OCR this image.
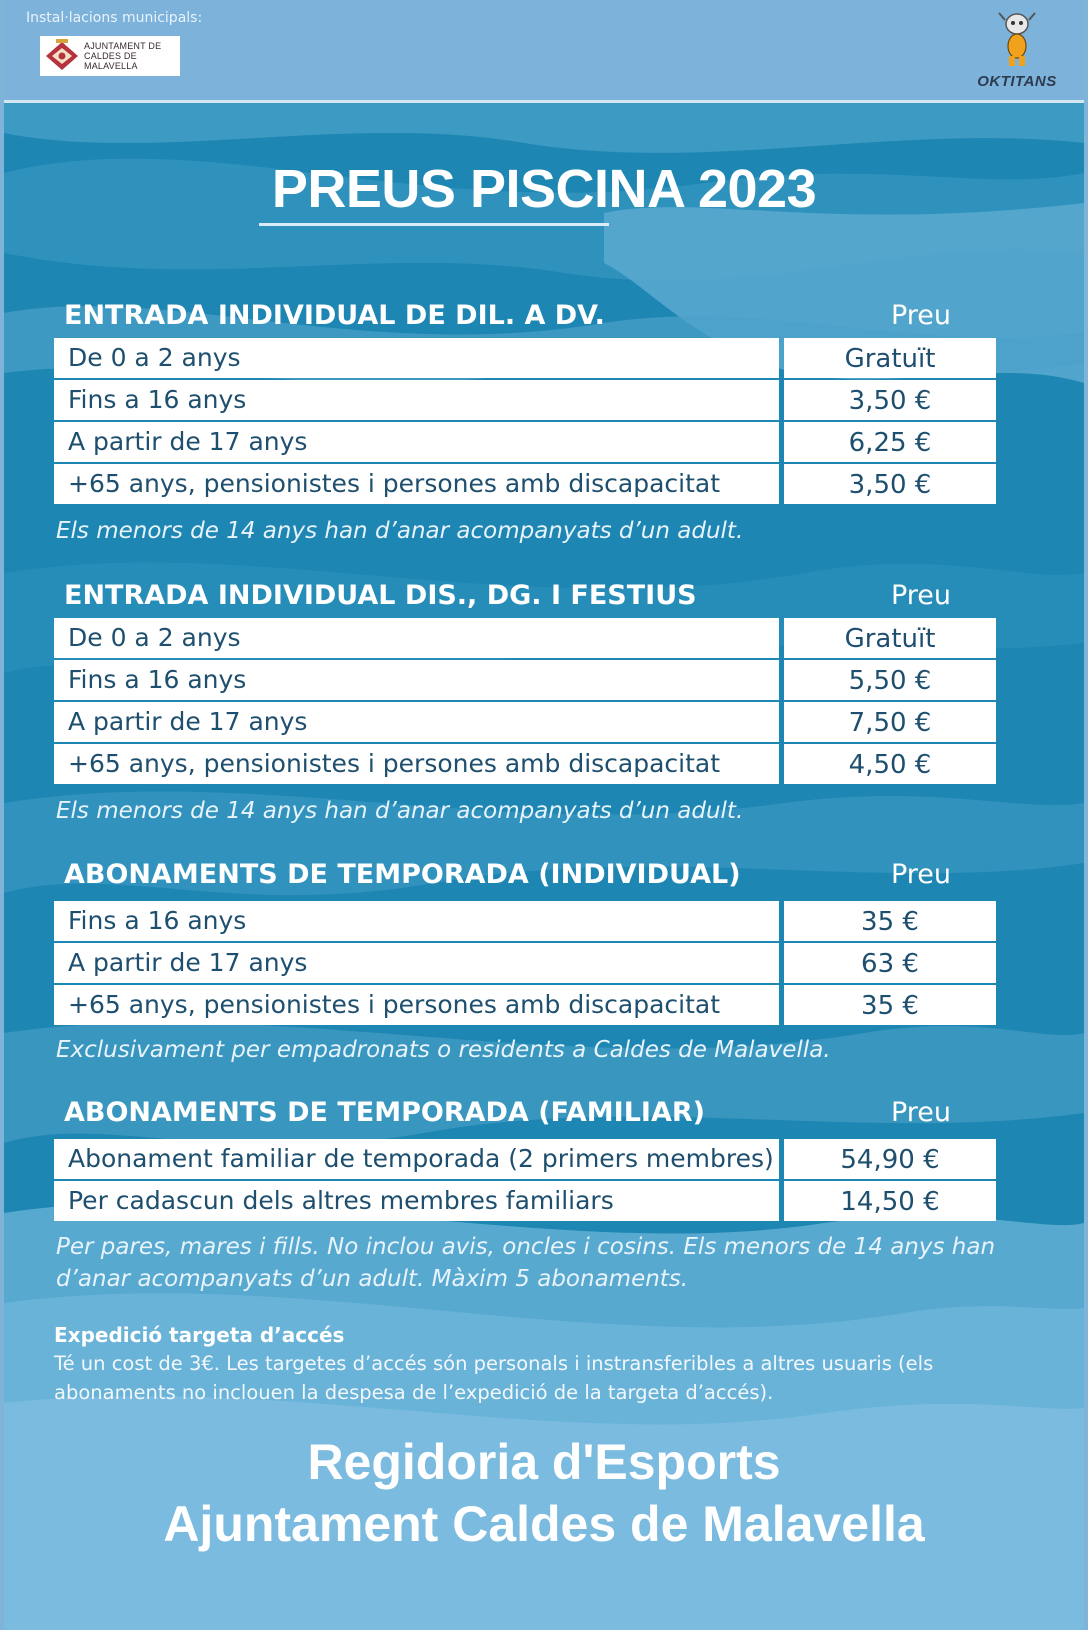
Instal·lacions municipals:
AJUNTAMENT DE
CALDES DE MALAVELLA
OKTITANS
PREUS PISCINA 2023
ENTRADA INDIVIDUAL DE DIL. A DV.	Preu
De 0 a 2 anys	Gratuït
Fins a 16 anys	3,50 €
A partir de 17 anys	6,25 €
+65 anys, pensionistes i persones amb discapacitat	3,50 €
Els menors de 14 anys han d’anar acompanyats d’un adult.
ENTRADA INDIVIDUAL DIS., DG. I FESTIUS	Preu
De 0 a 2 anys	Gratuït
Fins a 16 anys	5,50 €
A partir de 17 anys	7,50 €
+65 anys, pensionistes i persones amb discapacitat	4,50 €
Els menors de 14 anys han d’anar acompanyats d’un adult.
ABONAMENTS DE TEMPORADA (INDIVIDUAL)	Preu
Fins a 16 anys	35 €
A partir de 17 anys	63 €
+65 anys, pensionistes i persones amb discapacitat	35 €
Exclusivament per empadronats o residents a Caldes de Malavella.
ABONAMENTS DE TEMPORADA (FAMILIAR)	Preu
Abonament familiar de temporada (2 primers membres)	54,90 €
Per cadascun dels altres membres familiars	14,50 €
Per pares, mares i fills. No inclou avis, oncles i cosins. Els menors de 14 anys han d’anar acompanyats d’un adult. Màxim 5 abonaments.
Expedició targeta d’accés
Té un cost de 3€. Les targetes d’accés són personals i instransferibles a altres usuaris (els abonaments no inclouen la despesa de l’expedició de la targeta d’accés).
Regidoria d'Esports
Ajuntament Caldes de Malavella
